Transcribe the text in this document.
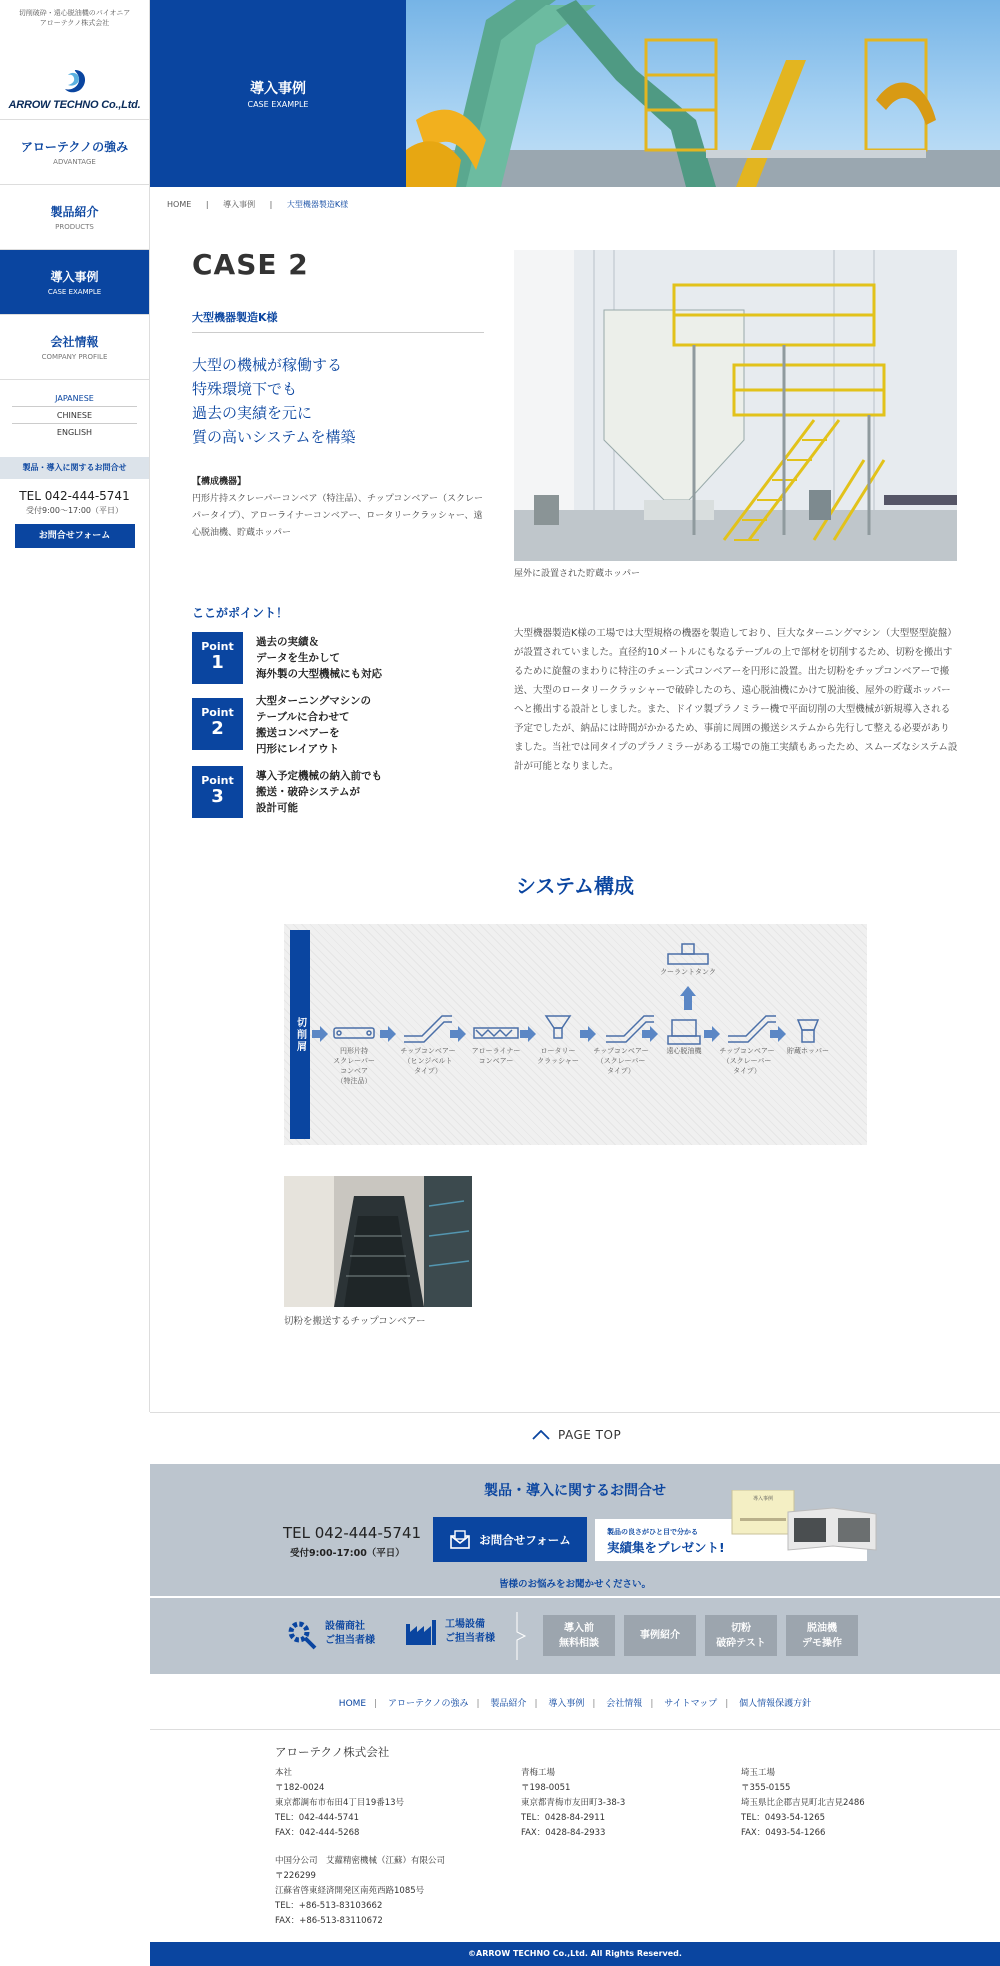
切削破砕・遠心脱油機のパイオニア
アローテクノ株式会社
ARROW TECHNO Co.,Ltd.
アローテクノの強み
ADVANTAGE
製品紹介
PRODUCTS
導入事例
CASE EXAMPLE
会社情報
COMPANY PROFILE
JAPANESE
CHINESE
ENGLISH
製品・導入に関するお問合せ
TEL 042-444-5741
受付9:00〜17:00（平日）
お問合せフォーム
導入事例
CASE EXAMPLE
HOME | 導入事例 | 大型機器製造K様
CASE 2
大型機器製造K様
大型の機械が稼働する
特殊環境下でも
過去の実績を元に
質の高いシステムを構築
【構成機器】
円形片持スクレーパーコンベア（特注品）、チップコンベアー（スクレーパータイプ）、アローライナーコンベアー、ロータリークラッシャー、遠心脱油機、貯蔵ホッパー
屋外に設置された貯蔵ホッパー
ここがポイント！
Point
1
過去の実績＆
データを生かして
海外製の大型機械にも対応
Point
2
大型ターニングマシンの
テーブルに合わせて
搬送コンベアーを
円形にレイアウト
Point
3
導入予定機械の納入前でも
搬送・破砕システムが
設計可能
大型機器製造K様の工場では大型規格の機器を製造しており、巨大なターニングマシン（大型竪型旋盤）が設置されていました。直径約10メートルにもなるテーブルの上で部材を切削するため、切粉を搬出するために旋盤のまわりに特注のチェーン式コンベアーを円形に設置。出た切粉をチップコンベアーで搬送、大型のロータリークラッシャーで破砕したのち、遠心脱油機にかけて脱油後、屋外の貯蔵ホッパーへと搬出する設計としました。また、ドイツ製プラノミラー機で平面切削の大型機械が新規導入される予定でしたが、納品には時間がかかるため、事前に周囲の搬送システムから先行して整える必要がありました。当社では同タイプのプラノミラーがある工場での施工実績もあったため、スムーズなシステム設計が可能となりました。
システム構成
切削屑	円形片持
スクレーパー
コンベア
（特注品）
チップコンベアー
（ヒンジベルト
タイプ）
アローライナー
コンベアー
ロータリー
クラッシャー
チップコンベアー
（スクレーパー
タイプ）
遠心脱油機	チップコンベアー
（スクレーパー
タイプ）
貯蔵ホッパー
クーラントタンク
切粉を搬送するチップコンベアー
PAGE TOP
製品・導入に関するお問合せ
TEL 042-444-5741
受付9:00-17:00（平日）
お問合せフォーム
製品の良さがひと目で分かる
実績集をプレゼント!
導入事例
皆様のお悩みをお聞かせください。
設備商社
ご担当者様
工場設備
ご担当者様
導入前
無料相談
事例紹介
切粉
破砕テスト
脱油機
デモ操作
HOME | アローテクノの強み | 製品紹介 | 導入事例 | 会社情報 | サイトマップ | 個人情報保護方針
アローテクノ株式会社
本社
〒182-0024
東京都調布市布田4丁目19番13号
TEL：042-444-5741
FAX：042-444-5268
青梅工場
〒198-0051
東京都青梅市友田町3-38-3
TEL：0428-84-2911
FAX：0428-84-2933
埼玉工場
〒355-0155
埼玉県比企郡吉見町北吉見2486
TEL：0493-54-1265
FAX：0493-54-1266
中国分公司　艾蘿精密機械（江蘇）有限公司
〒226299
江蘇省啓東経済開発区南苑西路1085号
TEL：+86-513-83103662
FAX：+86-513-83110672
©ARROW TECHNO Co.,Ltd. All Rights Reserved.
